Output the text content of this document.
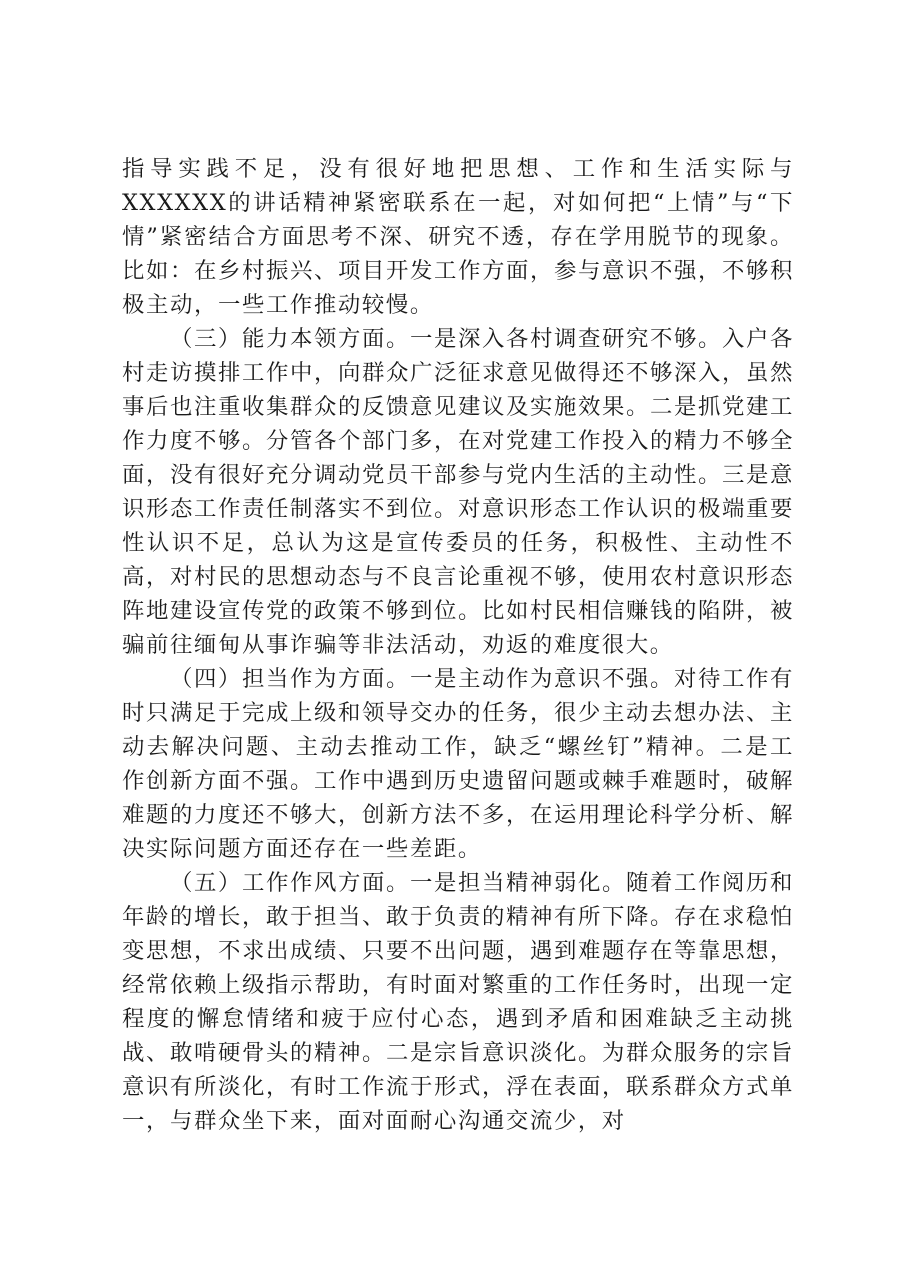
指导实践不足，没有很好地把思想、工作和生活实际与XXXXXX的讲话精神紧密联系在一起，对如何把“上情”与“下情”紧密结合方面思考不深、研究不透，存在学用脱节的现象。比如：在乡村振兴、项目开发工作方面，参与意识不强，不够积极主动，一些工作推动较慢。

（三）能力本领方面。一是深入各村调查研究不够。入户各村走访摸排工作中，向群众广泛征求意见做得还不够深入，虽然事后也注重收集群众的反馈意见建议及实施效果。二是抓党建工作力度不够。分管各个部门多，在对党建工作投入的精力不够全面，没有很好充分调动党员干部参与党内生活的主动性。三是意识形态工作责任制落实不到位。对意识形态工作认识的极端重要性认识不足，总认为这是宣传委员的任务，积极性、主动性不高，对村民的思想动态与不良言论重视不够，使用农村意识形态阵地建设宣传党的政策不够到位。比如村民相信赚钱的陷阱，被骗前往缅甸从事诈骗等非法活动，劝返的难度很大。

（四）担当作为方面。一是主动作为意识不强。对待工作有时只满足于完成上级和领导交办的任务，很少主动去想办法、主动去解决问题、主动去推动工作，缺乏“螺丝钉”精神。二是工作创新方面不强。工作中遇到历史遗留问题或棘手难题时，破解难题的力度还不够大，创新方法不多，在运用理论科学分析、解决实际问题方面还存在一些差距。

（五）工作作风方面。一是担当精神弱化。随着工作阅历和年龄的增长，敢于担当、敢于负责的精神有所下降。存在求稳怕变思想，不求出成绩、只要不出问题，遇到难题存在等靠思想，经常依赖上级指示帮助，有时面对繁重的工作任务时，出现一定程度的懈怠情绪和疲于应付心态，遇到矛盾和困难缺乏主动挑战、敢啃硬骨头的精神。二是宗旨意识淡化。为群众服务的宗旨意识有所淡化，有时工作流于形式，浮在表面，联系群众方式单一，与群众坐下来，面对面耐心沟通交流少，对
